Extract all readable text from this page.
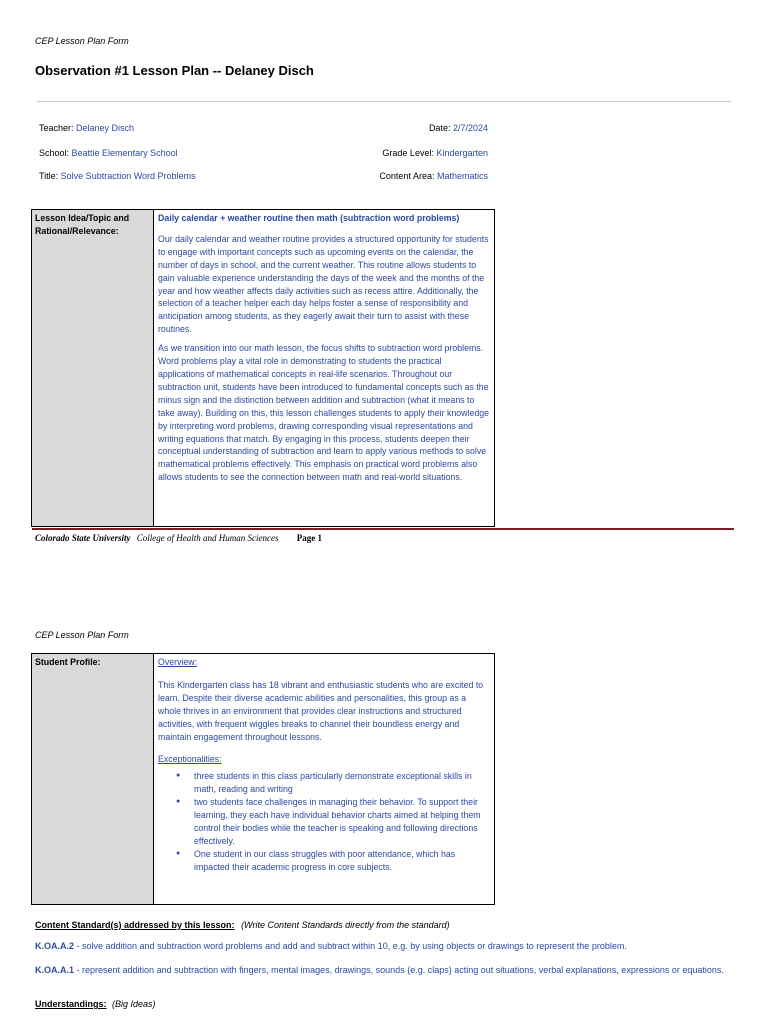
CEP Lesson Plan Form
Observation #1 Lesson Plan -- Delaney Disch
Teacher: Delaney Disch
School: Beattie Elementary School
Title: Solve Subtraction Word Problems
Date: 2/7/2024
Grade Level: Kindergarten
Content Area: Mathematics
Lesson Idea/Topic and Rational/Relevance:	
Daily calendar + weather routine then math (subtraction word problems)

Our daily calendar and weather routine provides a structured opportunity for students to engage with important concepts such as upcoming events on the calendar, the number of days in school, and the current weather. This routine allows students to gain valuable experience understanding the days of the week and the months of the year and how weather affects daily activities such as recess attire. Additionally, the selection of a teacher helper each day helps foster a sense of responsibility and anticipation among students, as they eagerly await their turn to assist with these routines.

As we transition into our math lesson, the focus shifts to subtraction word problems. Word problems play a vital role in demonstrating to students the practical applications of mathematical concepts in real-life scenarios. Throughout our subtraction unit, students have been introduced to fundamental concepts such as the minus sign and the distinction between addition and subtraction (what it means to take away). Building on this, this lesson challenges students to apply their knowledge by interpreting word problems, drawing corresponding visual representations and writing equations that match. By engaging in this process, students deepen their conceptual understanding of subtraction and learn to apply various methods to solve mathematical problems effectively. This emphasis on practical word problems also allows students to see the connection between math and real-world situations.

Colorado State University College of Health and Human Sciences Page 1
CEP Lesson Plan Form
Student Profile:	Overview:

This Kindergarten class has 18 vibrant and enthusiastic students who are excited to learn. Despite their diverse academic abilities and personalities, this group as a whole thrives in an environment that provides clear instructions and structured activities, with frequent wiggles breaks to channel their boundless energy and maintain engagement throughout lessons.

Exceptionalities:
● three students in this class particularly demonstrate exceptional skills in math, reading and writing
● two students face challenges in managing their behavior. To support their learning, they each have individual behavior charts aimed at helping them control their bodies while the teacher is speaking and following directions effectively.
● One student in our class struggles with poor attendance, which has impacted their academic progress in core subjects.
Content Standard(s) addressed by this lesson: (Write Content Standards directly from the standard)
K.OA.A.2 - solve addition and subtraction word problems and add and subtract within 10, e.g. by using objects or drawings to represent the problem.
K.OA.A.1 - represent addition and subtraction with fingers, mental images, drawings, sounds (e.g. claps) acting out situations, verbal explanations, expressions or equations.
Understandings: (Big Ideas)
